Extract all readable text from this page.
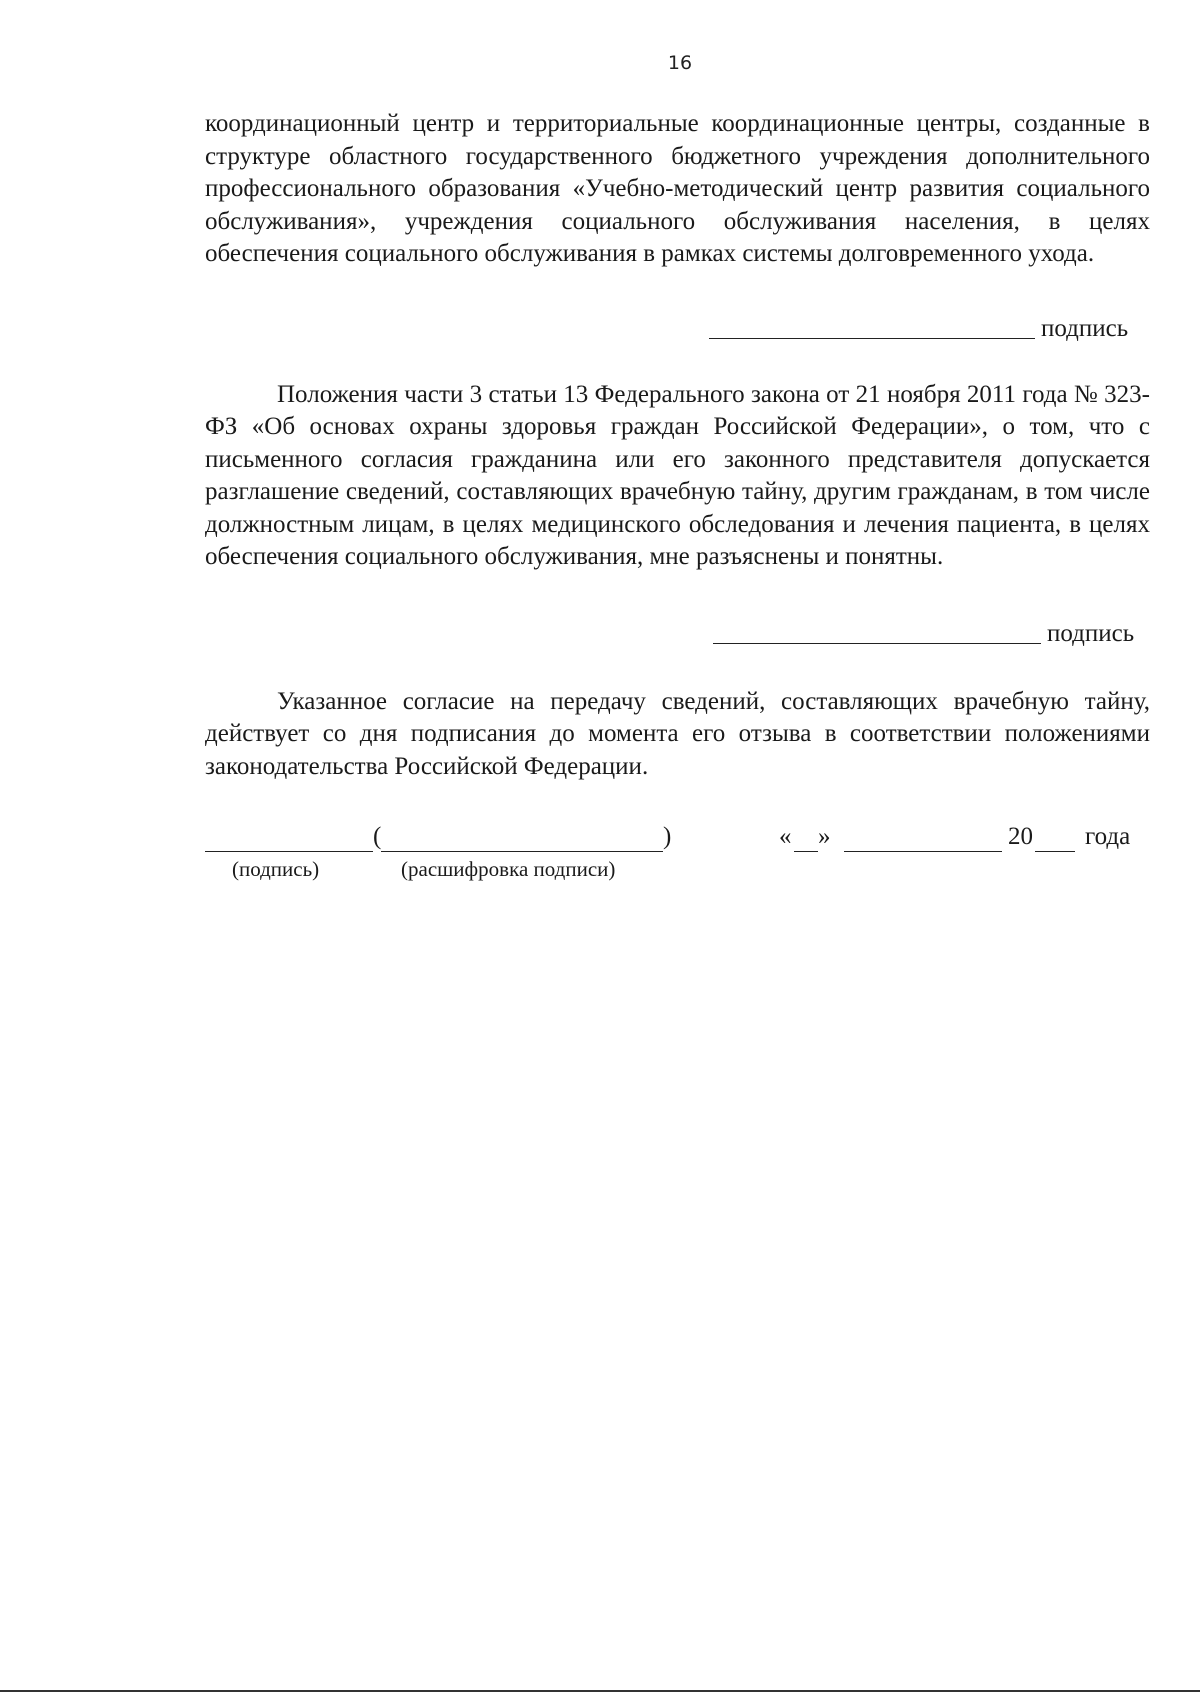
16

координационный центр и территориальные координационные центры, созданные в структуре областного государственного бюджетного учреждения дополнительного профессионального образования «Учебно-методический центр развития социального обслуживания», учреждения социального обслуживания населения, в целях обеспечения социального обслуживания в рамках системы долговременного ухода.

подпись

Положения части 3 статьи 13 Федерального закона от 21 ноября 2011 года № 323-ФЗ «Об основах охраны здоровья граждан Российской Федерации», о том, что с письменного согласия гражданина или его законного представителя допускается разглашение сведений, составляющих врачебную тайну, другим гражданам, в том числе должностным лицам, в целях медицинского обследования и лечения пациента, в целях обеспечения социального обслуживания, мне разъяснены и понятны.

подпись

Указанное согласие на передачу сведений, составляющих врачебную тайну, действует со дня подписания до момента его отзыва в соответствии положениями законодательства Российской Федерации.

(	)
(подпись)	(расшифровка подписи)
« »	20 года
